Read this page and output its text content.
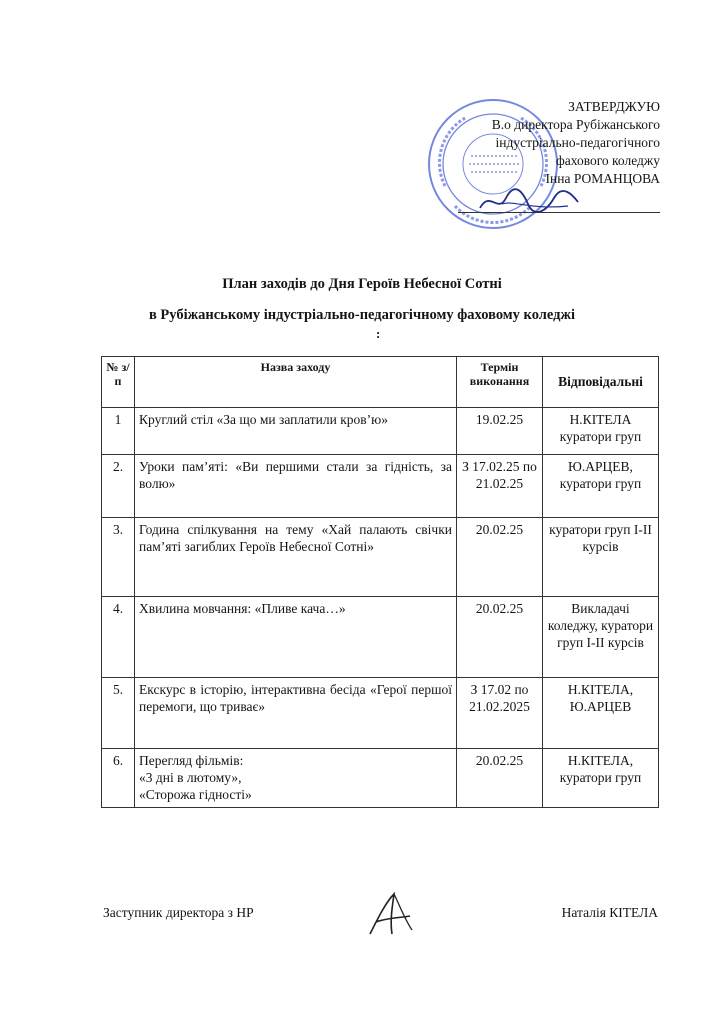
ЗАТВЕРДЖУЮ
В.о директора Рубіжанського
індустріально-педагогічного
фахового коледжу
Інна РОМАНЦОВА
План заходів до Дня Героїв Небесної Сотні
в Рубіжанському індустріально-педагогічному фаховому коледжі
:
№ з/п	Назва заходу	Термін виконання	Відповідальні
1	Круглий стіл «За що ми заплатили кров’ю»	19.02.25	Н.КІТЕЛА куратори груп
2.	Уроки пам’яті: «Ви першими стали за гідність, за волю»	З 17.02.25 по 21.02.25	Ю.АРЦЕВ, куратори груп
3.	Година спілкування на тему «Хай палають свічки пам’яті загиблих Героїв Небесної Сотні»	20.02.25	куратори груп І-ІІ курсів
4.	Хвилина мовчання: «Пливе кача…»	20.02.25	Викладачі коледжу, куратори груп І-ІІ курсів
5.	Екскурс в історію, інтерактивна бесіда «Герої першої перемоги, що триває»	З 17.02 по 21.02.2025	Н.КІТЕЛА, Ю.АРЦЕВ
6.	Перегляд фільмів:
«3 дні в лютому»,
«Сторожа гідності»	20.02.25	Н.КІТЕЛА, куратори груп
Заступник директора з НР	Наталія КІТЕЛА
